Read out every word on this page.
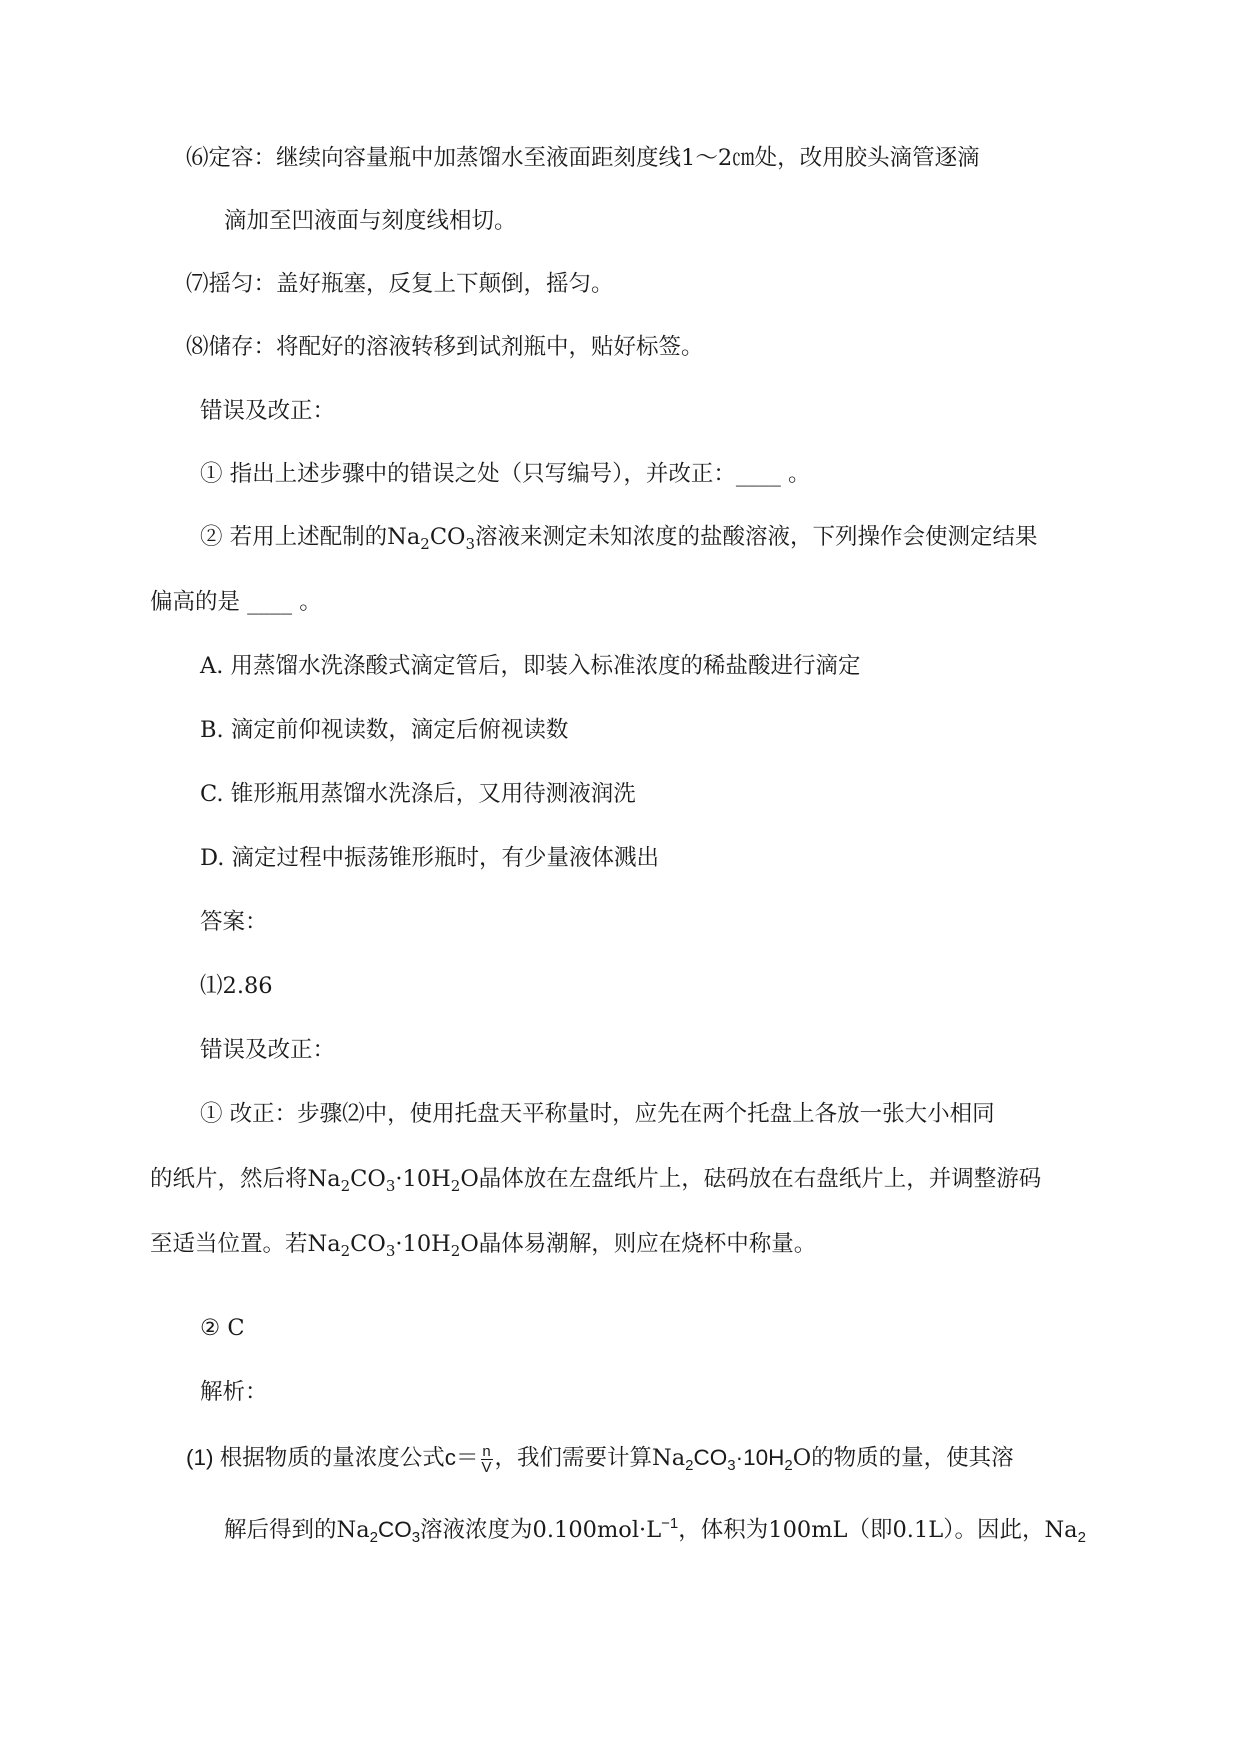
⑹定容：继续向容量瓶中加蒸馏水至液面距刻度线1～2㎝处，改用胶头滴管逐滴
滴加至凹液面与刻度线相切。
⑺摇匀：盖好瓶塞，反复上下颠倒，摇匀。
⑻储存：将配好的溶液转移到试剂瓶中，贴好标签。
错误及改正：
① 指出上述步骤中的错误之处（只写编号），并改正：____ 。
② 若用上述配制的$Na_2CO_3$溶液来测定未知浓度的盐酸溶液，下列操作会使测定结果
偏高的是 ____ 。
A. 用蒸馏水洗涤酸式滴定管后，即装入标准浓度的稀盐酸进行滴定
B. 滴定前仰视读数，滴定后俯视读数
C. 锥形瓶用蒸馏水洗涤后，又用待测液润洗
D. 滴定过程中振荡锥形瓶时，有少量液体溅出
答案：
⑴2.86
错误及改正：
① 改正：步骤⑵中，使用托盘天平称量时，应先在两个托盘上各放一张大小相同
的纸片，然后将$Na_2CO_3\cdot 10H_2O$晶体放在左盘纸片上，砝码放在右盘纸片上，并调整游码
至适当位置。若$Na_2CO_3\cdot 10H_2O$晶体易潮解，则应在烧杯中称量。
② C
解析：
(1) 根据物质的量浓度公式$c= \frac{n}{V}$ ，我们需要计算$Na_2CO_3\cdot 10H_2O$的物质的量，使其溶
解后得到的$Na_2CO_3$溶液浓度为$0.100mol\cdot L^{-1}$，体积为100mL（即0.1L）。因此，$Na_2$
